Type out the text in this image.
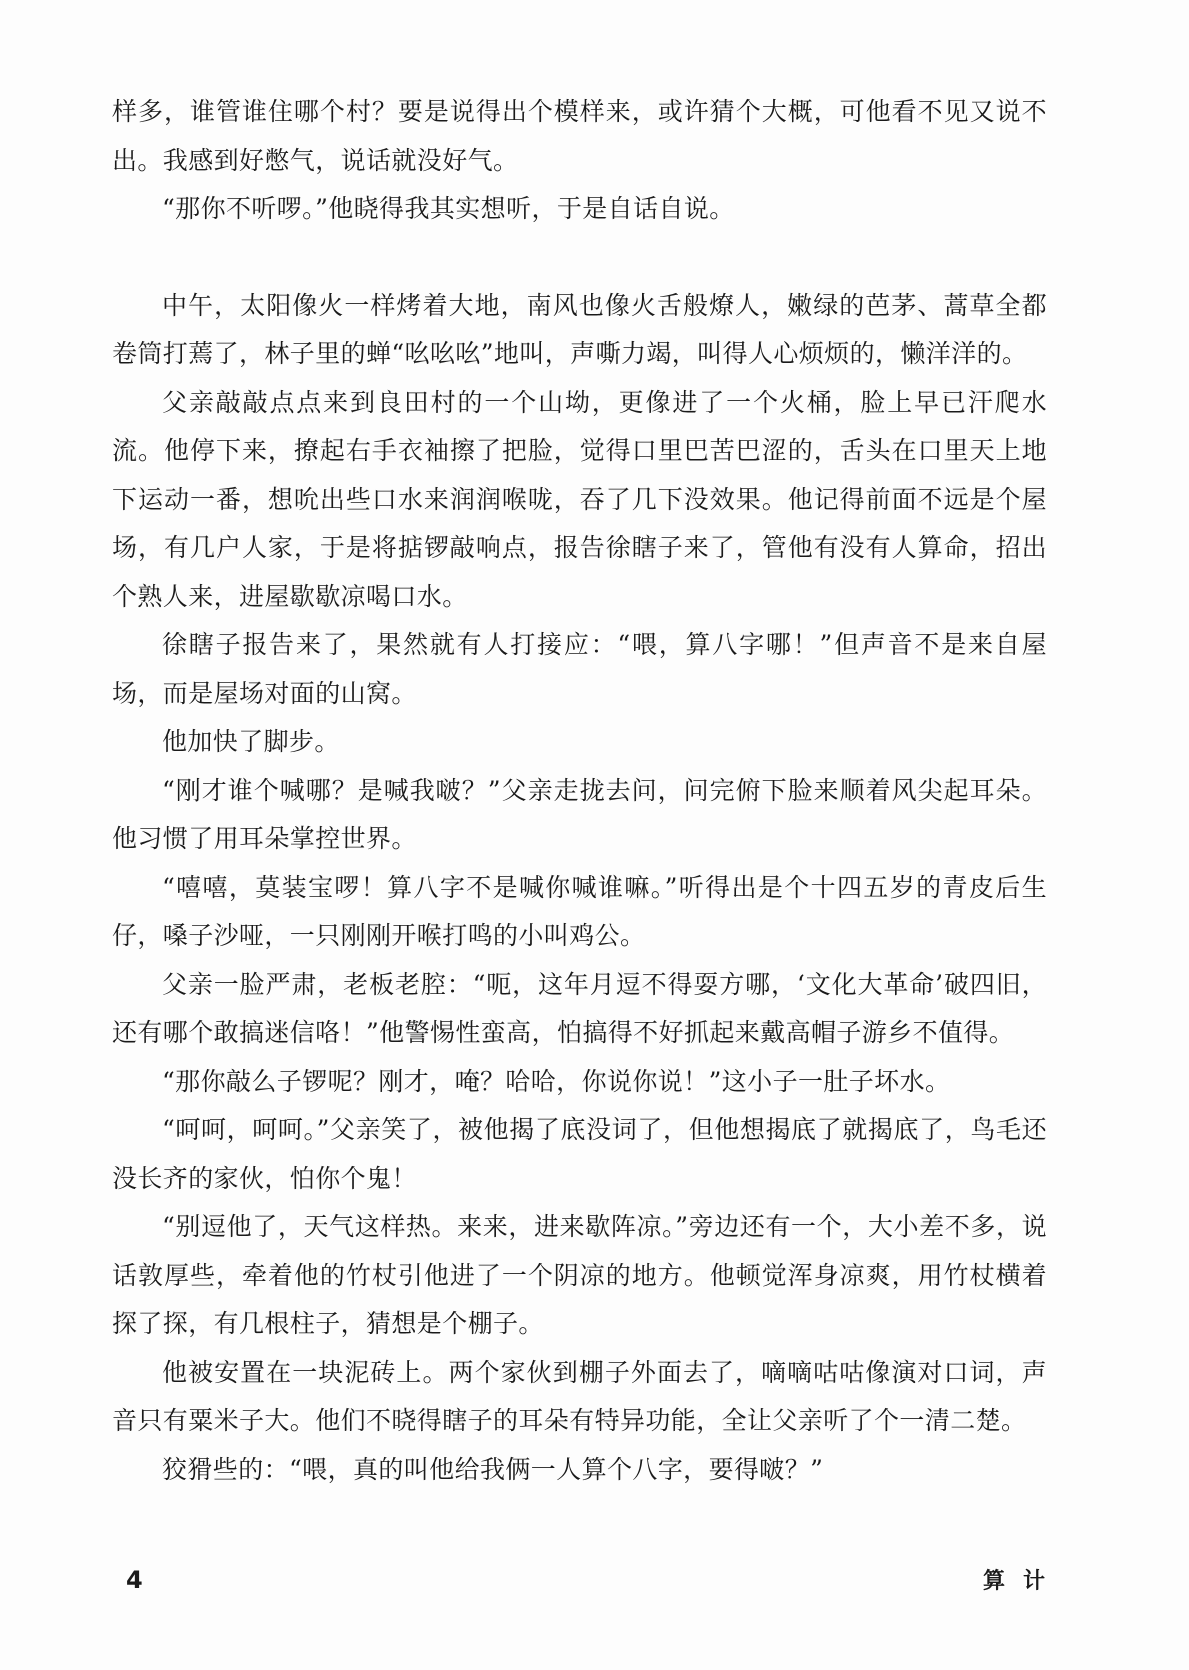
样多，谁管谁住哪个村？要是说得出个模样来，或许猜个大概，可他看不见又说不出。我感到好憋气，说话就没好气。

“那你不听啰。”他晓得我其实想听，于是自话自说。

中午，太阳像火一样烤着大地，南风也像火舌般燎人，嫩绿的芭茅、蒿草全都卷筒打蔫了，林子里的蝉“吆吆吆”地叫，声嘶力竭，叫得人心烦烦的，懒洋洋的。

父亲敲敲点点来到良田村的一个山坳，更像进了一个火桶，脸上早已汗爬水流。他停下来，撩起右手衣袖擦了把脸，觉得口里巴苦巴涩的，舌头在口里天上地下运动一番，想吮出些口水来润润喉咙，吞了几下没效果。他记得前面不远是个屋场，有几户人家，于是将掂锣敲响点，报告徐瞎子来了，管他有没有人算命，招出个熟人来，进屋歇歇凉喝口水。

徐瞎子报告来了，果然就有人打接应：“喂，算八字哪！”但声音不是来自屋场，而是屋场对面的山窝。

他加快了脚步。

“刚才谁个喊哪？是喊我啵？”父亲走拢去问，问完俯下脸来顺着风尖起耳朵。他习惯了用耳朵掌控世界。

“嘻嘻，莫装宝啰！算八字不是喊你喊谁嘛。”听得出是个十四五岁的青皮后生仔，嗓子沙哑，一只刚刚开喉打鸣的小叫鸡公。

父亲一脸严肃，老板老腔：“呃，这年月逗不得耍方哪，‘文化大革命’破四旧，还有哪个敢搞迷信咯！”他警惕性蛮高，怕搞得不好抓起来戴高帽子游乡不值得。

“那你敲么子锣呢？刚才，唵？哈哈，你说你说！”这小子一肚子坏水。

“呵呵，呵呵。”父亲笑了，被他揭了底没词了，但他想揭底了就揭底了，鸟毛还没长齐的家伙，怕你个鬼！

“别逗他了，天气这样热。来来，进来歇阵凉。”旁边还有一个，大小差不多，说话敦厚些，牵着他的竹杖引他进了一个阴凉的地方。他顿觉浑身凉爽，用竹杖横着探了探，有几根柱子，猜想是个棚子。

他被安置在一块泥砖上。两个家伙到棚子外面去了，嘀嘀咕咕像演对口词，声音只有粟米子大。他们不晓得瞎子的耳朵有特异功能，全让父亲听了个一清二楚。

狡猾些的：“喂，真的叫他给我俩一人算个八字，要得啵？”

4	算计
